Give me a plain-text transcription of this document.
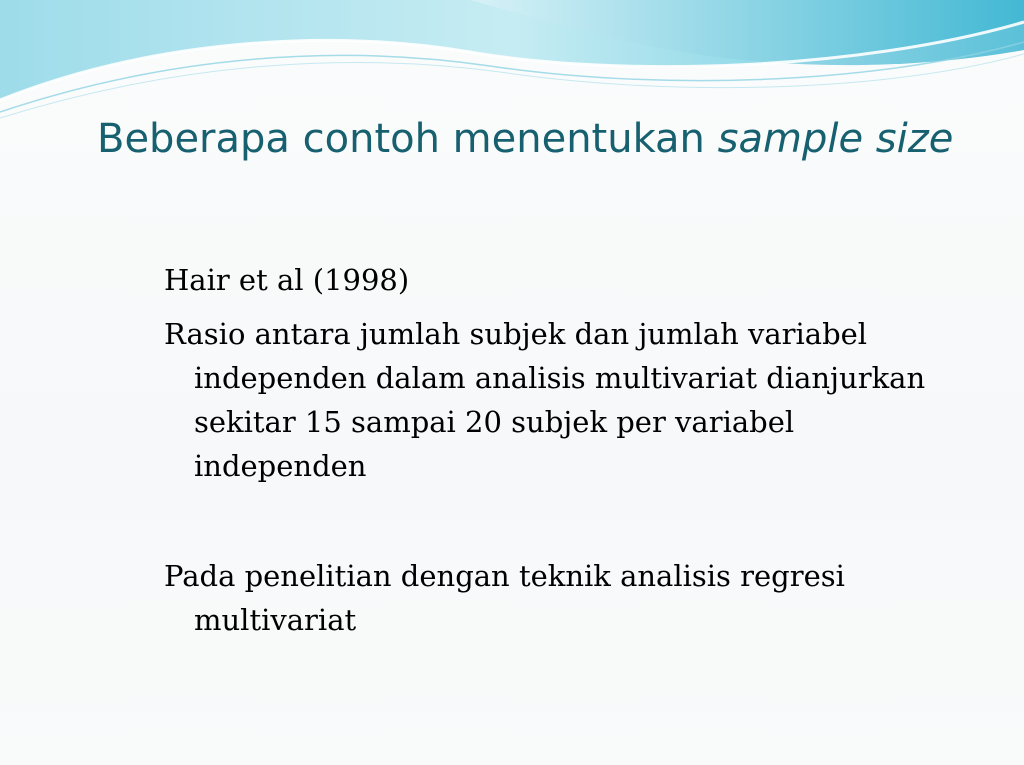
Beberapa contoh menentukan sample size

Hair et al (1998)

Rasio antara jumlah subjek dan jumlah variabel independen dalam analisis multivariat dianjurkan sekitar 15 sampai 20 subjek per variabel independen

Pada penelitian dengan teknik analisis regresi multivariat
